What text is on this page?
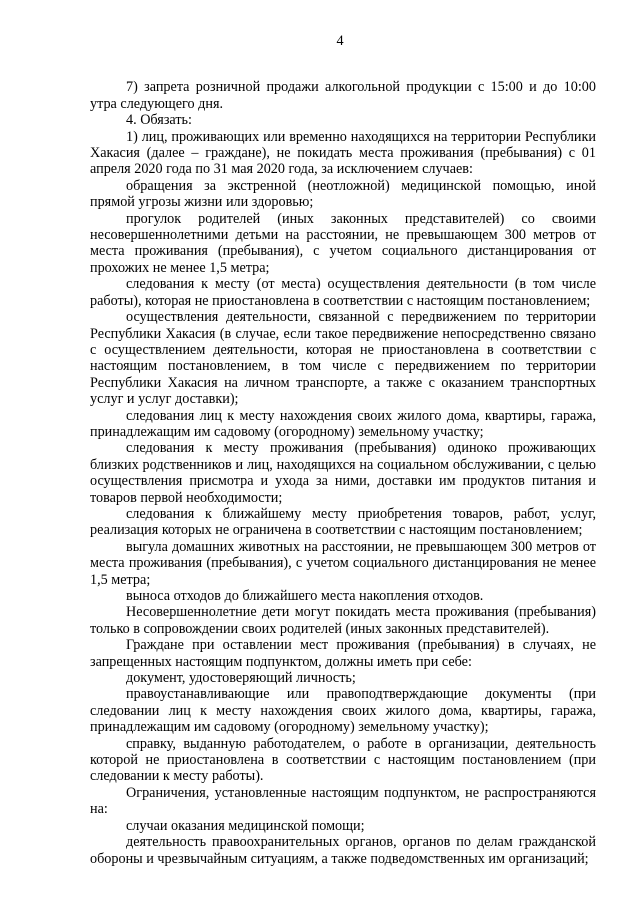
4

7) запрета розничной продажи алкогольной продукции с 15:00 и до 10:00 утра следующего дня.

4. Обязать:

1) лиц, проживающих или временно находящихся на территории Республики Хакасия (далее – граждане), не покидать места проживания (пребывания) с 01 апреля 2020 года по 31 мая 2020 года, за исключением случаев:

обращения за экстренной (неотложной) медицинской помощью, иной прямой угрозы жизни или здоровью;

прогулок родителей (иных законных представителей) со своими несовершеннолетними детьми на расстоянии, не превышающем 300 метров от места проживания (пребывания), с учетом социального дистанцирования от прохожих не менее 1,5 метра;

следования к месту (от места) осуществления деятельности (в том числе работы), которая не приостановлена в соответствии с настоящим постановлением;

осуществления деятельности, связанной с передвижением по территории Республики Хакасия (в случае, если такое передвижение непосредственно связано с осуществлением деятельности, которая не приостановлена в соответствии с настоящим постановлением, в том числе с передвижением по территории Республики Хакасия на личном транспорте, а также с оказанием транспортных услуг и услуг доставки);

следования лиц к месту нахождения своих жилого дома, квартиры, гаража, принадлежащим им садовому (огородному) земельному участку;

следования к месту проживания (пребывания) одиноко проживающих близких родственников и лиц, находящихся на социальном обслуживании, с целью осуществления присмотра и ухода за ними, доставки им продуктов питания и товаров первой необходимости;

следования к ближайшему месту приобретения товаров, работ, услуг, реализация которых не ограничена в соответствии с настоящим постановлением;

выгула домашних животных на расстоянии, не превышающем 300 метров от места проживания (пребывания), с учетом социального дистанцирования не менее 1,5 метра;

выноса отходов до ближайшего места накопления отходов.

Несовершеннолетние дети могут покидать места проживания (пребывания) только в сопровождении своих родителей (иных законных представителей).

Граждане при оставлении мест проживания (пребывания) в случаях, не запрещенных настоящим подпунктом, должны иметь при себе:

документ, удостоверяющий личность;

правоустанавливающие или правоподтверждающие документы (при следовании лиц к месту нахождения своих жилого дома, квартиры, гаража, принадлежащим им садовому (огородному) земельному участку);

справку, выданную работодателем, о работе в организации, деятельность которой не приостановлена в соответствии с настоящим постановлением (при следовании к месту работы).

Ограничения, установленные настоящим подпунктом, не распространяются на:

случаи оказания медицинской помощи;

деятельность правоохранительных органов, органов по делам гражданской обороны и чрезвычайным ситуациям, а также подведомственных им организаций;
